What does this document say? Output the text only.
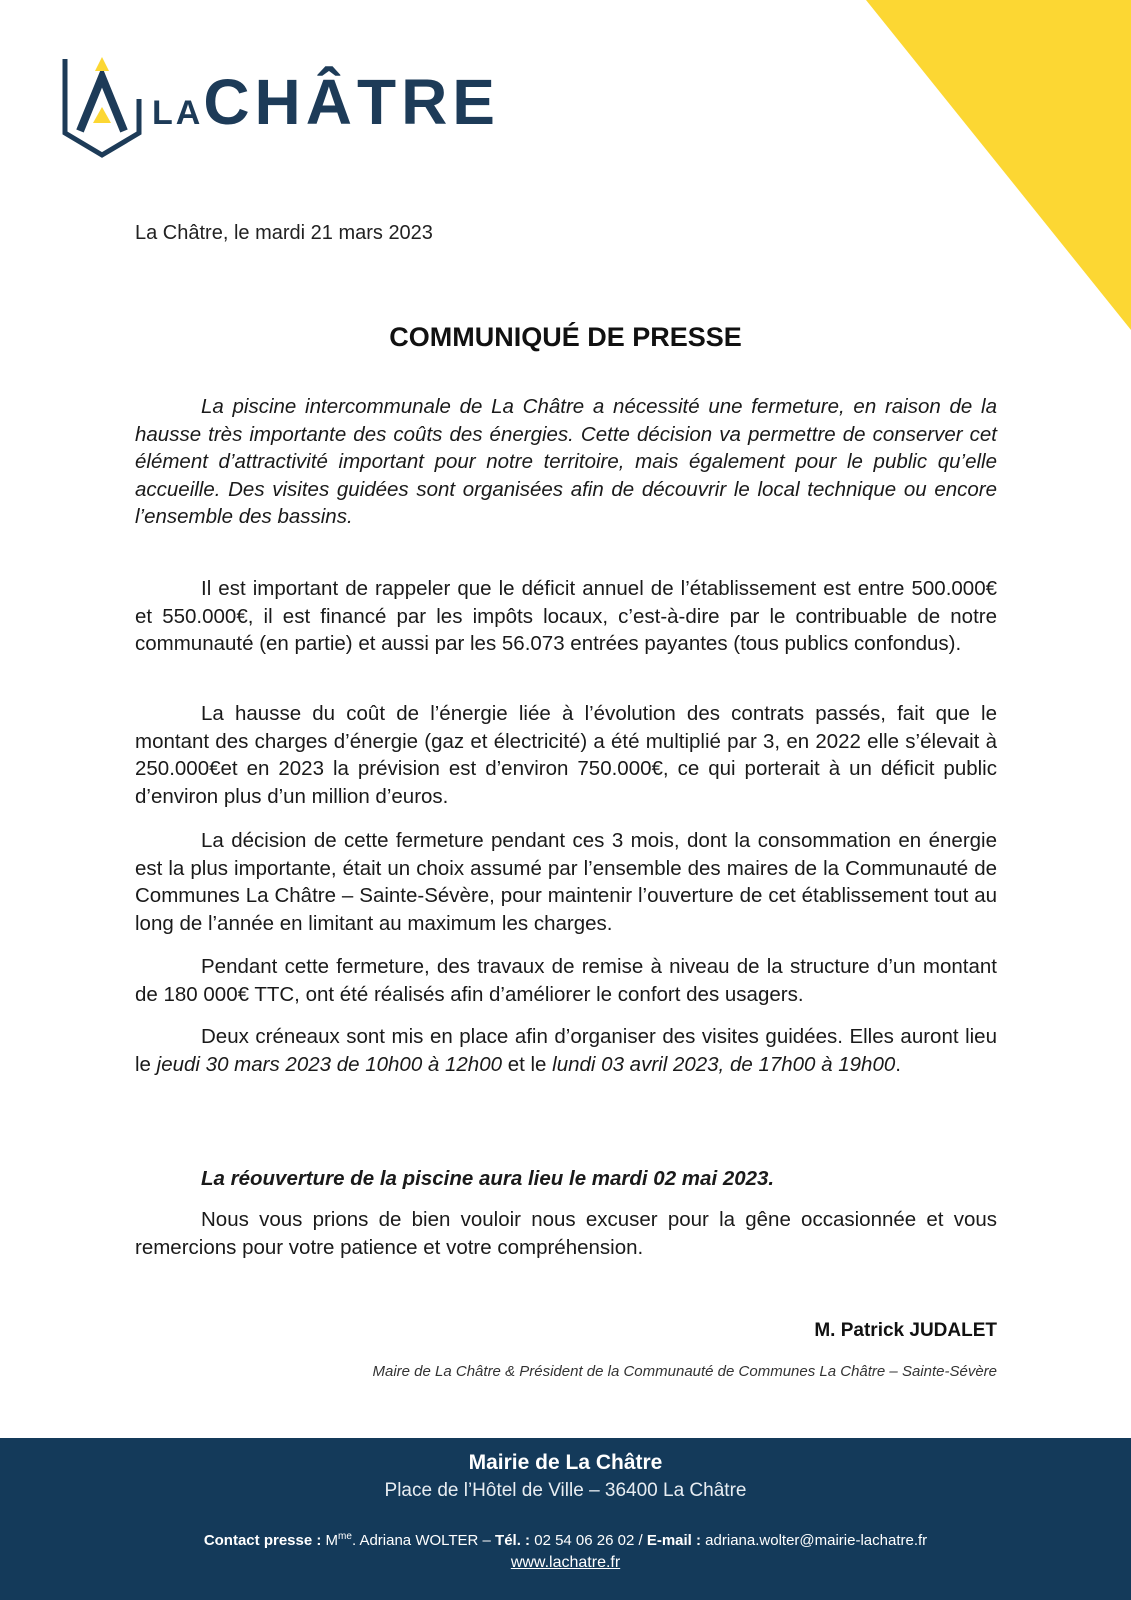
LACHÂTRE
La Châtre, le mardi 21 mars 2023
COMMUNIQUÉ DE PRESSE

La piscine intercommunale de La Châtre a nécessité une fermeture, en raison de la hausse très importante des coûts des énergies. Cette décision va permettre de conserver cet élément d’attractivité important pour notre territoire, mais également pour le public qu’elle accueille. Des visites guidées sont organisées afin de découvrir le local technique ou encore l’ensemble des bassins.

Il est important de rappeler que le déficit annuel de l’établissement est entre 500.000€ et 550.000€, il est financé par les impôts locaux, c’est-à-dire par le contribuable de notre communauté (en partie) et aussi par les 56.073 entrées payantes (tous publics confondus).

La hausse du coût de l’énergie liée à l’évolution des contrats passés, fait que le montant des charges d’énergie (gaz et électricité) a été multiplié par 3, en 2022 elle s’élevait à 250.000€et en 2023 la prévision est d’environ 750.000€, ce qui porterait à un déficit public d’environ plus d’un million d’euros.

La décision de cette fermeture pendant ces 3 mois, dont la consommation en énergie est la plus importante, était un choix assumé par l’ensemble des maires de la Communauté de Communes La Châtre – Sainte-Sévère, pour maintenir l’ouverture de cet établissement tout au long de l’année en limitant au maximum les charges.

Pendant cette fermeture, des travaux de remise à niveau de la structure d’un montant de 180 000€ TTC, ont été réalisés afin d’améliorer le confort des usagers.

Deux créneaux sont mis en place afin d’organiser des visites guidées. Elles auront lieu le jeudi 30 mars 2023 de 10h00 à 12h00 et le lundi 03 avril 2023, de 17h00 à 19h00.

La réouverture de la piscine aura lieu le mardi 02 mai 2023.

Nous vous prions de bien vouloir nous excuser pour la gêne occasionnée et vous remercions pour votre patience et votre compréhension.

M. Patrick JUDALET
Maire de La Châtre & Président de la Communauté de Communes La Châtre – Sainte-Sévère
Mairie de La Châtre
Place de l’Hôtel de Ville – 36400 La Châtre
Contact presse : $M^{me}$. Adriana WOLTER – Tél. : 02 54 06 26 02 / E-mail : adriana.wolter@mairie-lachatre.fr
www.lachatre.fr
